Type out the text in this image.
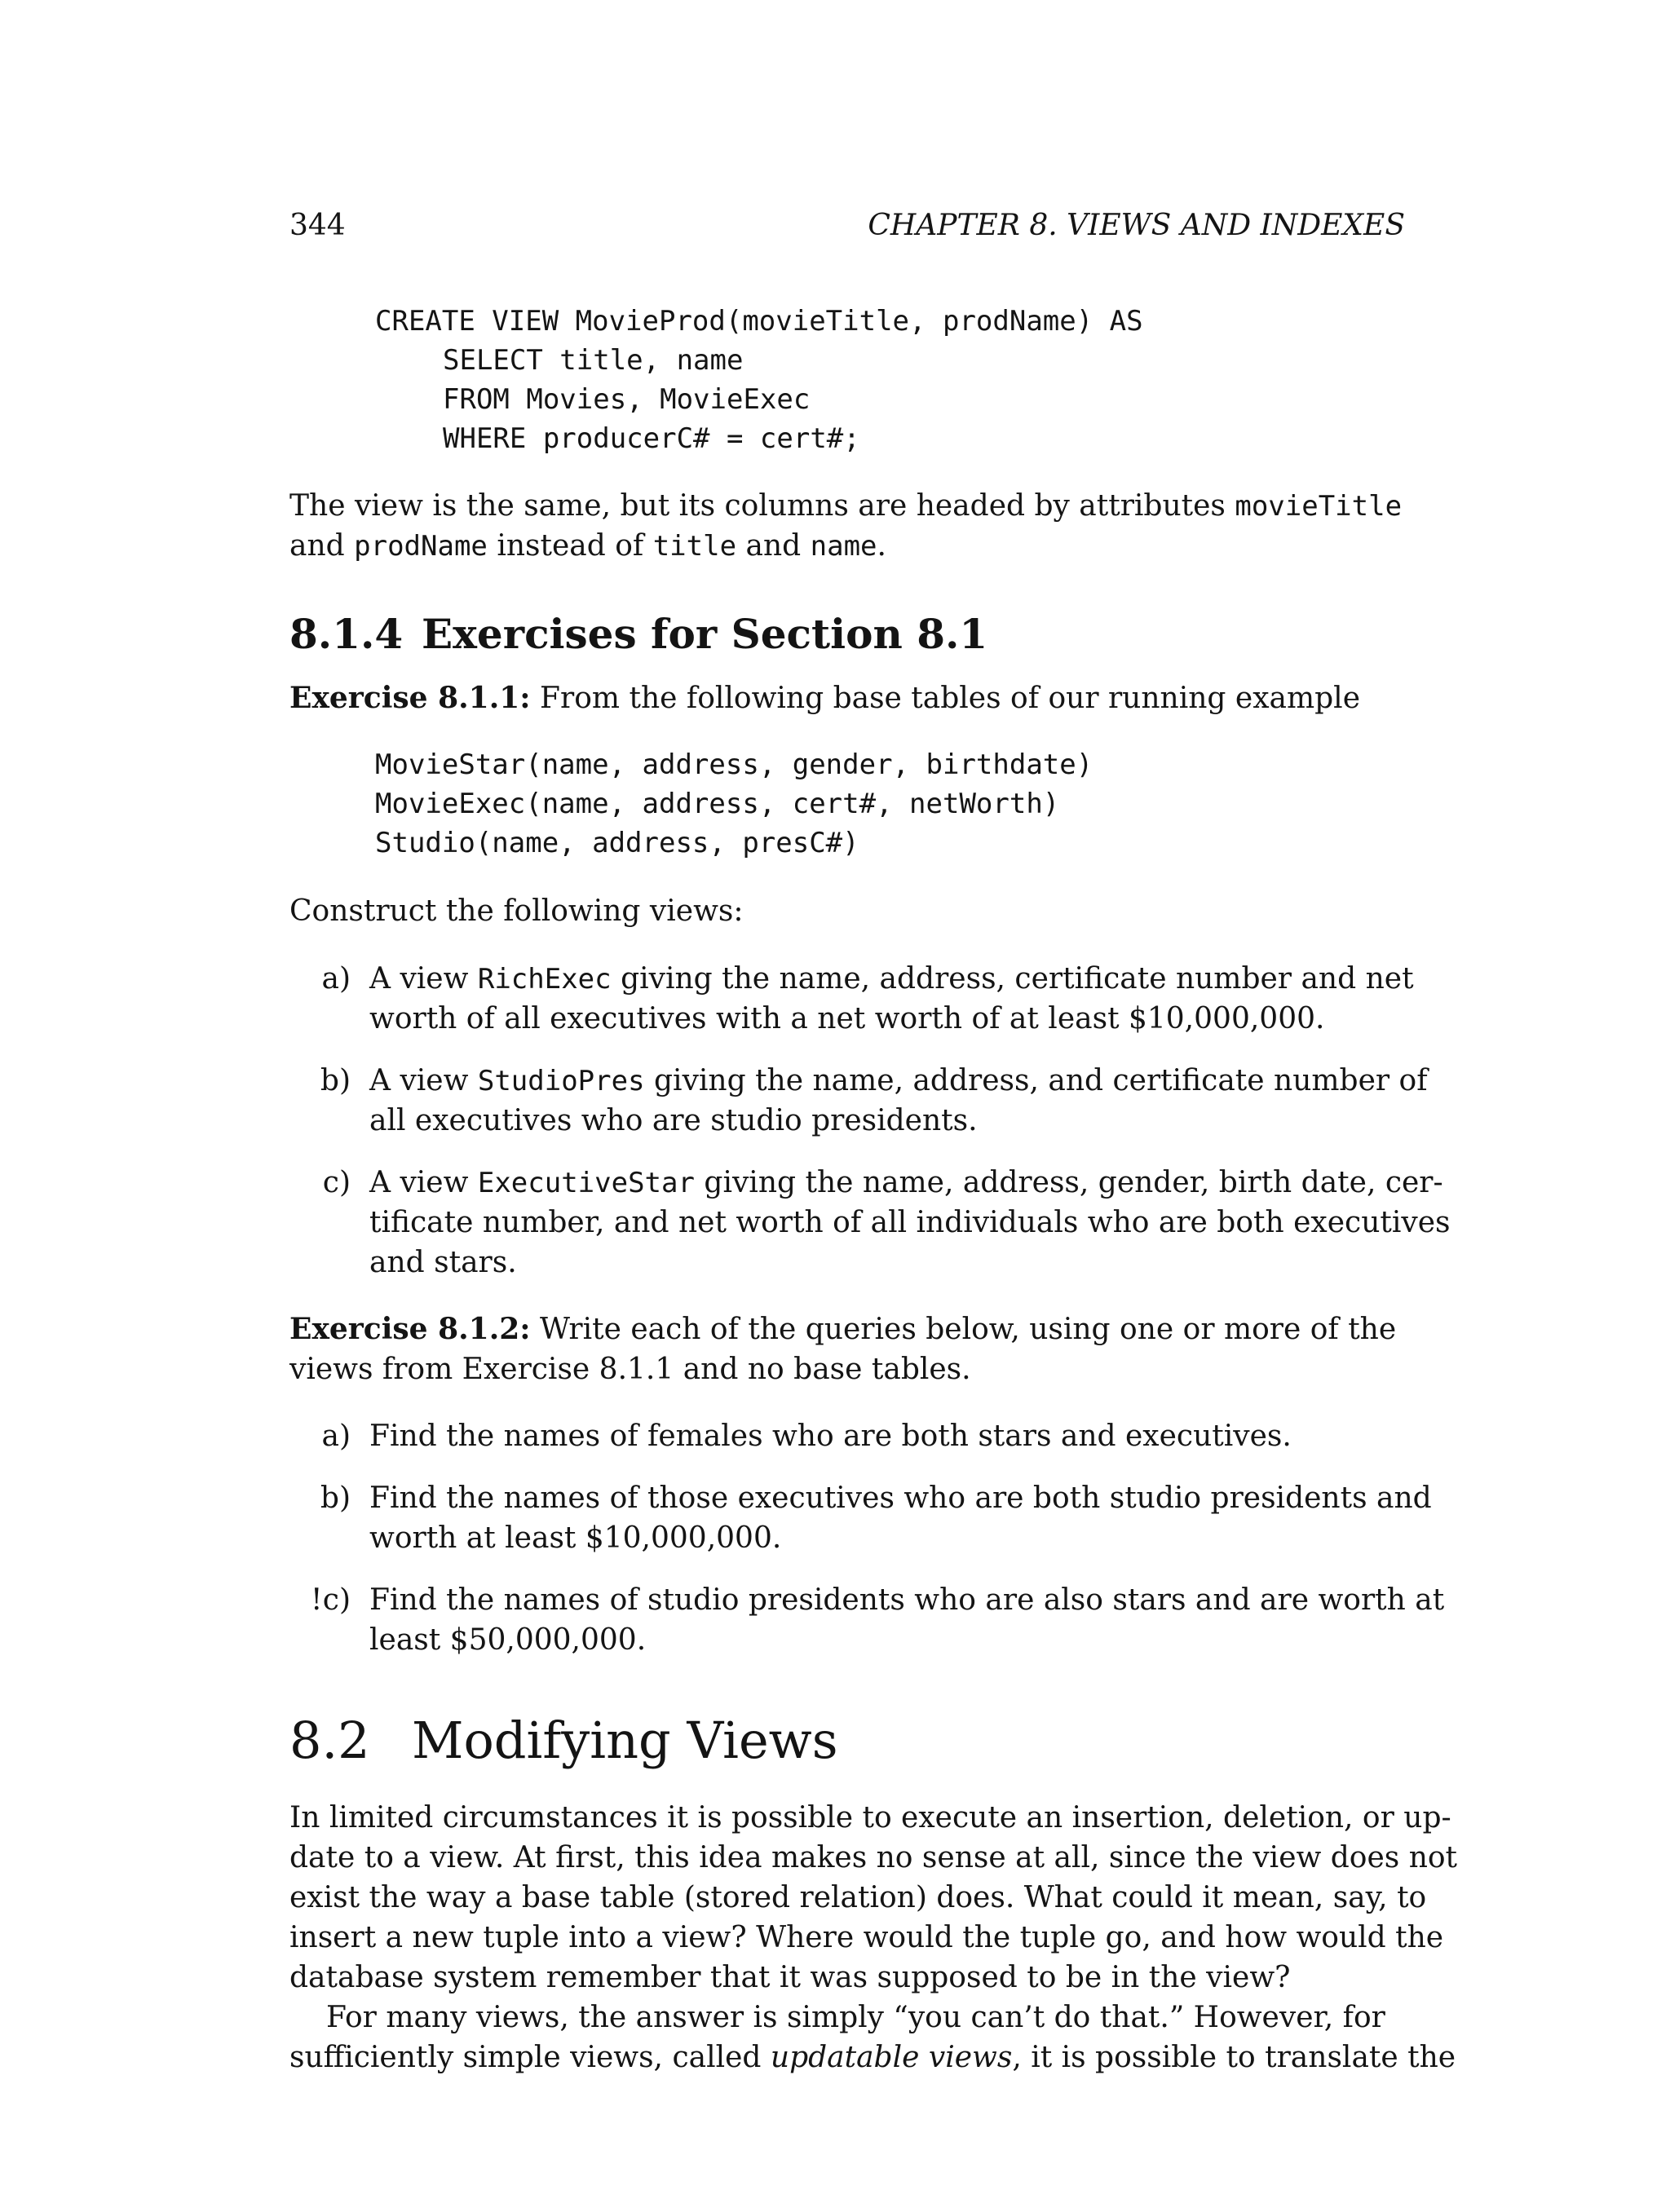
344	CHAPTER 8. VIEWS AND INDEXES
CREATE VIEW MovieProd(movieTitle, prodName) AS
SELECT title, name
FROM Movies, MovieExec
WHERE producerC# = cert#;
The view is the same, but its columns are headed by attributes movieTitle
and prodName instead of title and name.
8.1.4 Exercises for Section 8.1
Exercise 8.1.1: From the following base tables of our running example
MovieStar(name, address, gender, birthdate)
MovieExec(name, address, cert#, netWorth)
Studio(name, address, presC#)
Construct the following views:
a) A view RichExec giving the name, address, certificate number and net
worth of all executives with a net worth of at least $10,000,000.
b) A view StudioPres giving the name, address, and certificate number of
all executives who are studio presidents.
c) A view ExecutiveStar giving the name, address, gender, birth date, cer-
tificate number, and net worth of all individuals who are both executives
and stars.
Exercise 8.1.2: Write each of the queries below, using one or more of the
views from Exercise 8.1.1 and no base tables.
a) Find the names of females who are both stars and executives.
b) Find the names of those executives who are both studio presidents and
worth at least $10,000,000.
! c) Find the names of studio presidents who are also stars and are worth at
least $50,000,000.
8.2 Modifying Views
In limited circumstances it is possible to execute an insertion, deletion, or up-
date to a view. At first, this idea makes no sense at all, since the view does not
exist the way a base table (stored relation) does. What could it mean, say, to
insert a new tuple into a view? Where would the tuple go, and how would the
database system remember that it was supposed to be in the view?
For many views, the answer is simply “you can’t do that.” However, for
sufficiently simple views, called updatable views, it is possible to translate the
